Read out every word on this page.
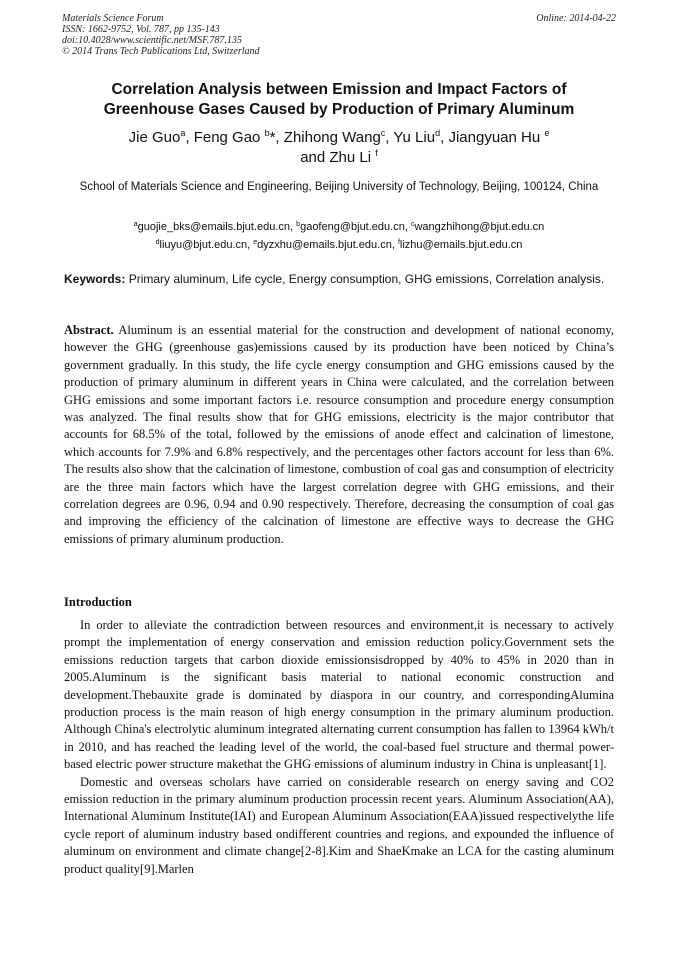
Materials Science Forum
ISSN: 1662-9752, Vol. 787, pp 135-143
doi:10.4028/www.scientific.net/MSF.787.135
© 2014 Trans Tech Publications Ltd, Switzerland
Online: 2014-04-22
Correlation Analysis between Emission and Impact Factors of
Greenhouse Gases Caused by Production of Primary Aluminum
Jie Guo$^a$, Feng Gao $^b$*, Zhihong Wang$^c$, Yu Liu$^d$, Jiangyuan Hu $^e$
and Zhu Li $^f$
School of Materials Science and Engineering, Beijing University of Technology, Beijing, 100124, China
$^a$guojie_bks@emails.bjut.edu.cn, $^b$gaofeng@bjut.edu.cn, $^c$wangzhihong@bjut.edu.cn
$^d$liuyu@bjut.edu.cn, $^e$dyzxhu@emails.bjut.edu.cn, $^f$lizhu@emails.bjut.edu.cn
Keywords: Primary aluminum, Life cycle, Energy consumption, GHG emissions, Correlation analysis.
Abstract. Aluminum is an essential material for the construction and development of national economy, however the GHG (greenhouse gas)emissions caused by its production have been noticed by China’s government gradually. In this study, the life cycle energy consumption and GHG emissions caused by the production of primary aluminum in different years in China were calculated, and the correlation between GHG emissions and some important factors i.e. resource consumption and procedure energy consumption was analyzed. The final results show that for GHG emissions, electricity is the major contributor that accounts for 68.5% of the total, followed by the emissions of anode effect and calcination of limestone, which accounts for 7.9% and 6.8% respectively, and the percentages other factors account for less than 6%. The results also show that the calcination of limestone, combustion of coal gas and consumption of electricity are the three main factors which have the largest correlation degree with GHG emissions, and their correlation degrees are 0.96, 0.94 and 0.90 respectively. Therefore, decreasing the consumption of coal gas and improving the efficiency of the calcination of limestone are effective ways to decrease the GHG emissions of primary aluminum production.
Introduction

In order to alleviate the contradiction between resources and environment,it is necessary to actively prompt the implementation of energy conservation and emission reduction policy.Government sets the emissions reduction targets that carbon dioxide emissionsisdropped by 40% to 45% in 2020 than in 2005.Aluminum is the significant basis material to national economic construction and development.Thebauxite grade is dominated by diaspora in our country, and correspondingAlumina production process is the main reason of high energy consumption in the primary aluminum production. Although China's electrolytic aluminum integrated alternating current consumption has fallen to 13964 kWh/t in 2010, and has reached the leading level of the world, the coal-based fuel structure and thermal power-based electric power structure makethat the GHG emissions of aluminum industry in China is unpleasant[1].

Domestic and overseas scholars have carried on considerable research on energy saving and CO2 emission reduction in the primary aluminum production processin recent years. Aluminum Association(AA), International Aluminum Institute(IAI) and European Aluminum Association(EAA)issued respectivelythe life cycle report of aluminum industry based ondifferent countries and regions, and expounded the influence of aluminum on environment and climate change[2-8].Kim and ShaeKmake an LCA for the casting aluminum product quality[9].Marlen
